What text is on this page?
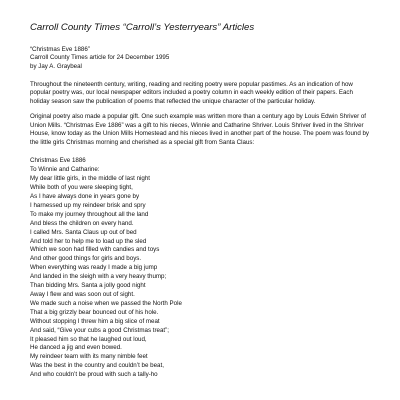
Carroll County Times “Carroll’s Yesterryears” Articles
“Christmas Eve 1886”
Carroll County Times article for 24 December 1995
by Jay A. Graybeal

Throughout the nineteenth century, writing, reading and reciting poetry were popular pastimes. As an indication of how popular poetry was, our local newspaper editors included a poetry column in each weekly edition of their papers. Each holiday season saw the publication of poems that reflected the unique character of the particular holiday.

Original poetry also made a popular gift. One such example was written more than a century ago by Louis Edwin Shriver of Union Mills. “Christmas Eve 1886” was a gift to his nieces, Winnie and Catharine Shriver. Louis Shriver lived in the Shriver House, know today as the Union Mills Homestead and his nieces lived in another part of the house. The poem was found by the little girls Christmas morning and cherished as a special gift from Santa Claus:

Christmas Eve 1886
To Winnie and Catharine:
My dear little girls, in the middle of last night
While both of you were sleeping tight,
As I have always done in years gone by
I harnessed up my reindeer brisk and spry
To make my journey throughout all the land
And bless the children on every hand.
I called Mrs. Santa Claus up out of bed
And told her to help me to load up the sled
Which we soon had filled with candies and toys
And other good things for girls and boys.
When everything was ready I made a big jump
And landed in the sleigh with a very heavy thump;
Than bidding Mrs. Santa a jolly good night
Away I flew and was soon out of sight.
We made such a noise when we passed the North Pole
That a big grizzly bear bounced out of his hole.
Without stopping I threw him a big slice of meat
And said, “Give your cubs a good Christmas treat”;
It pleased him so that he laughed out loud,
He danced a jig and even bowed.
My reindeer team with its many nimble feet
Was the best in the country and couldn’t be beat,
And who couldn’t be proud with such a tally-ho
